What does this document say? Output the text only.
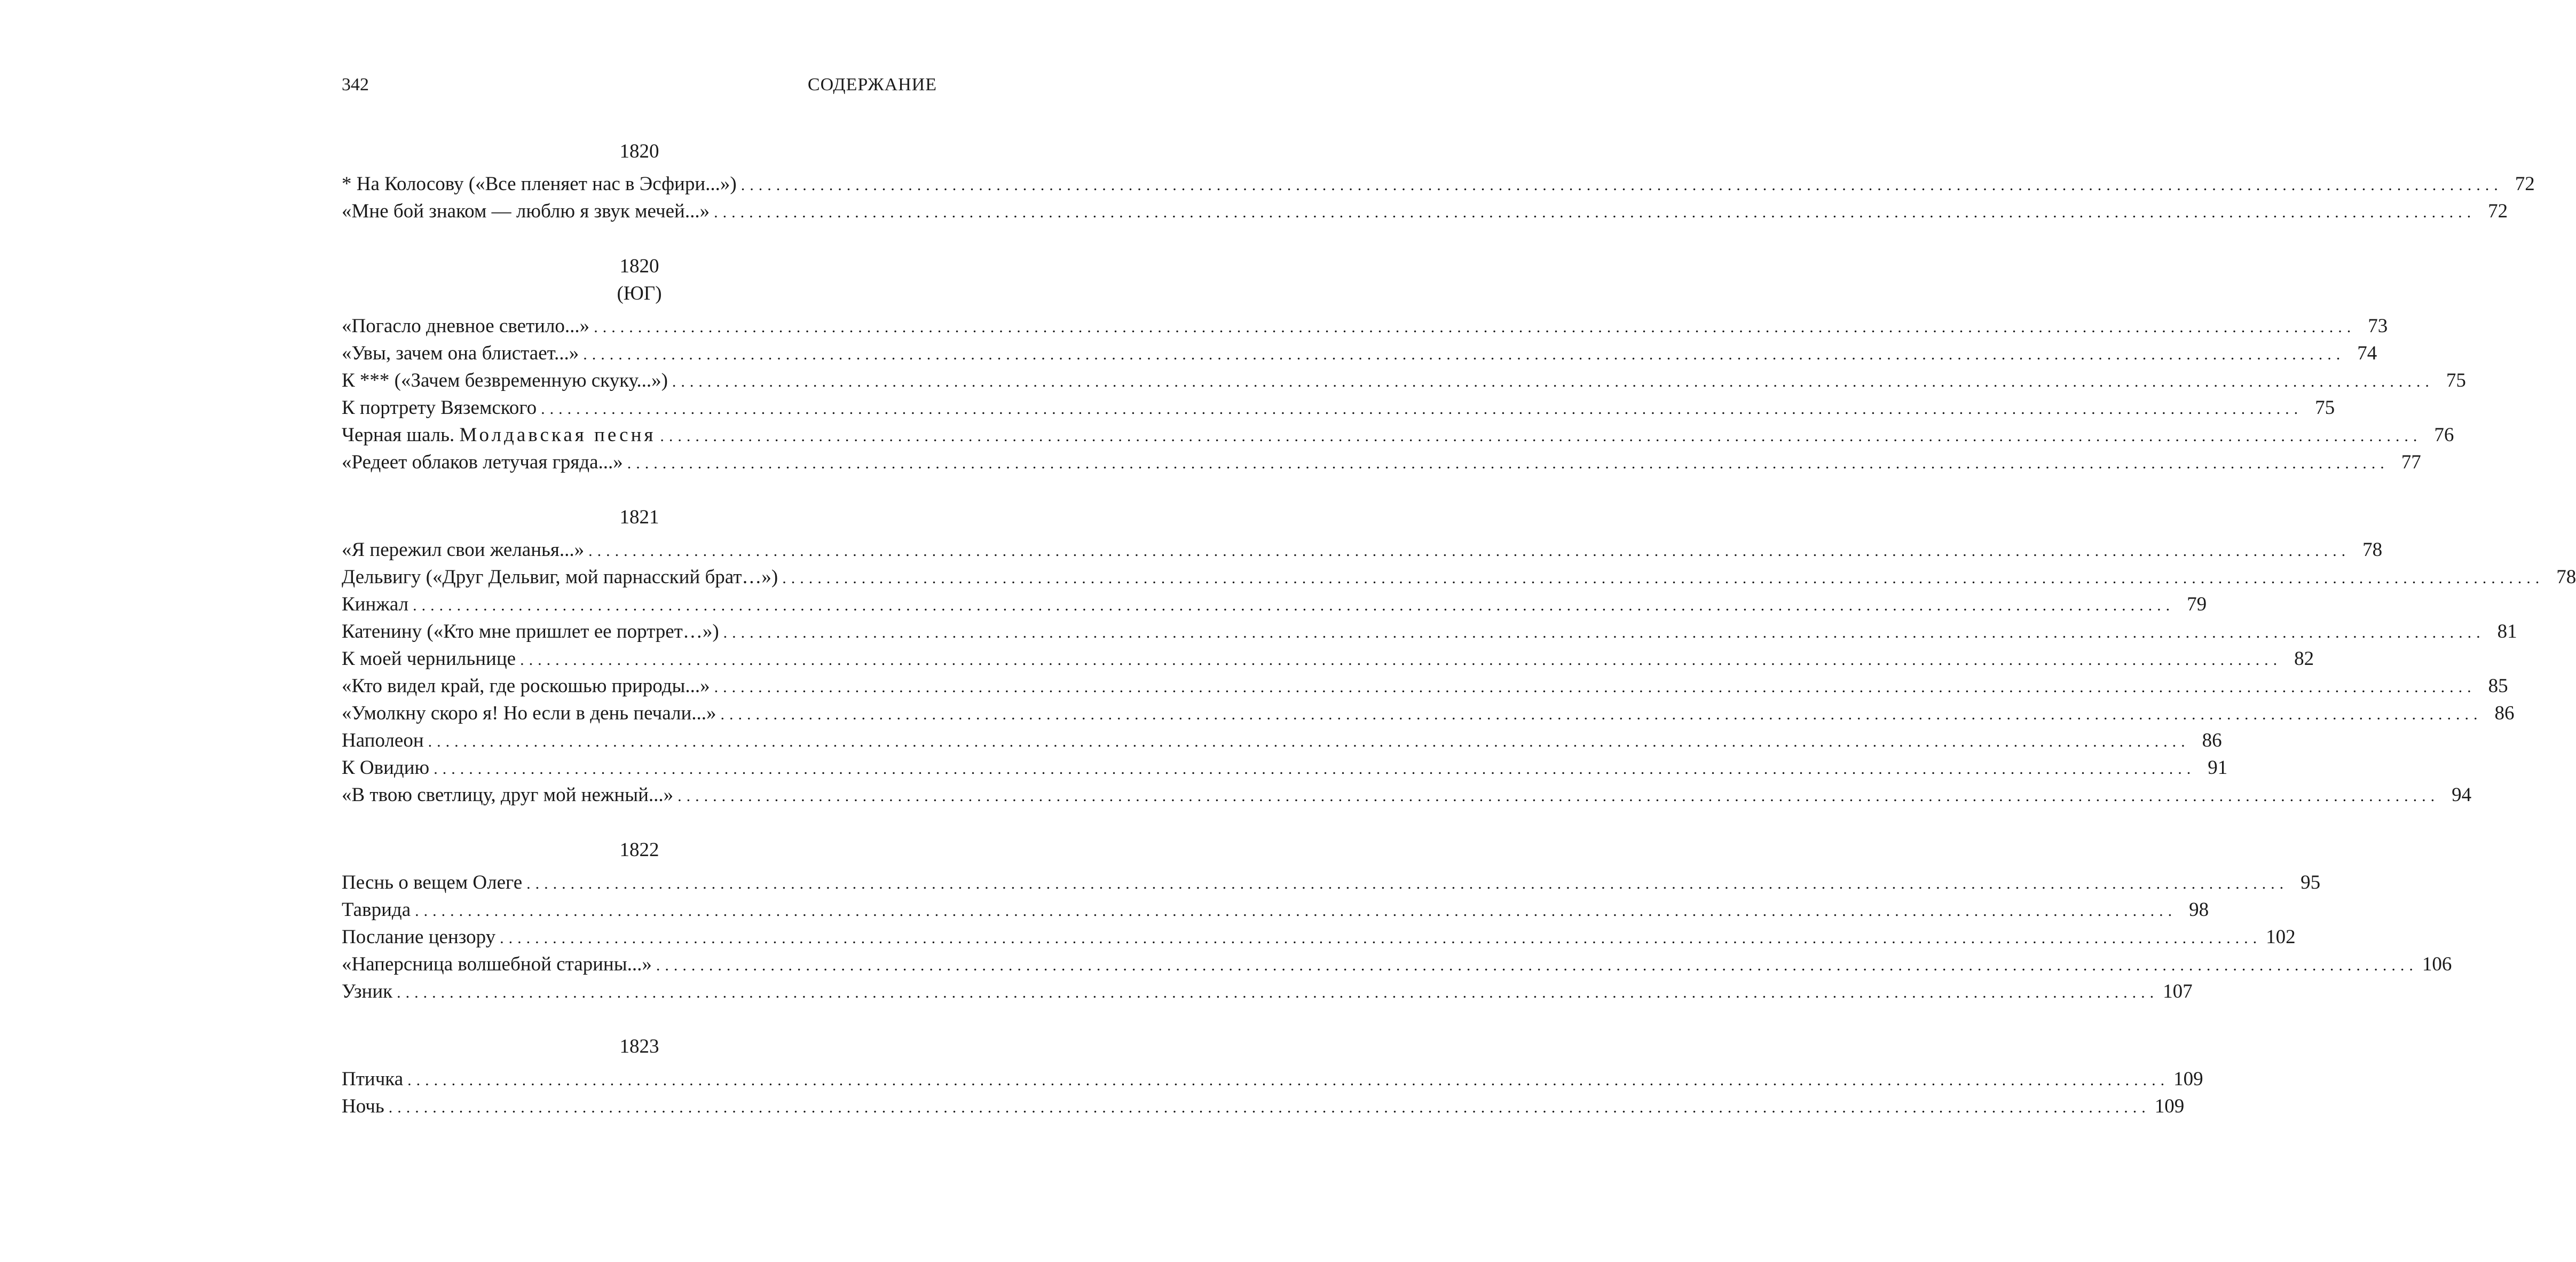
342	СОДЕРЖАНИЕ
1820
* На Колосову («Все пленяет нас в Эсфири...») ........................................................................................................................................................................................................ 72
«Мне бой знаком — люблю я звук мечей...» ........................................................................................................................................................................................................ 72
1820
(ЮГ)
«Погасло дневное светило...» ........................................................................................................................................................................................................ 73
«Увы, зачем она блистает...» ........................................................................................................................................................................................................ 74
К *** («Зачем безвременную скуку...») ........................................................................................................................................................................................................ 75
К портрету Вяземского ........................................................................................................................................................................................................ 75
Черная шаль. Молдавская песня ........................................................................................................................................................................................................ 76
«Редеет облаков летучая гряда...» ........................................................................................................................................................................................................ 77
1821
«Я пережил свои желанья...» ........................................................................................................................................................................................................ 78
Дельвигу («Друг Дельвиг, мой парнасский брат…») ........................................................................................................................................................................................................ 78
Кинжал ........................................................................................................................................................................................................ 79
Катенину («Кто мне пришлет ее портрет…») ........................................................................................................................................................................................................ 81
К моей чернильнице ........................................................................................................................................................................................................ 82
«Кто видел край, где роскошью природы...» ........................................................................................................................................................................................................ 85
«Умолкну скоро я! Но если в день печали...» ........................................................................................................................................................................................................ 86
Наполеон ........................................................................................................................................................................................................ 86
К Овидию ........................................................................................................................................................................................................ 91
«В твою светлицу, друг мой нежный...» ........................................................................................................................................................................................................ 94
1822
Песнь о вещем Олеге ........................................................................................................................................................................................................ 95
Таврида ........................................................................................................................................................................................................ 98
Послание цензору ........................................................................................................................................................................................................ 102
«Наперсница волшебной старины...» ........................................................................................................................................................................................................ 106
Узник ........................................................................................................................................................................................................ 107
1823
Птичка ........................................................................................................................................................................................................ 109
Ночь ........................................................................................................................................................................................................ 109
